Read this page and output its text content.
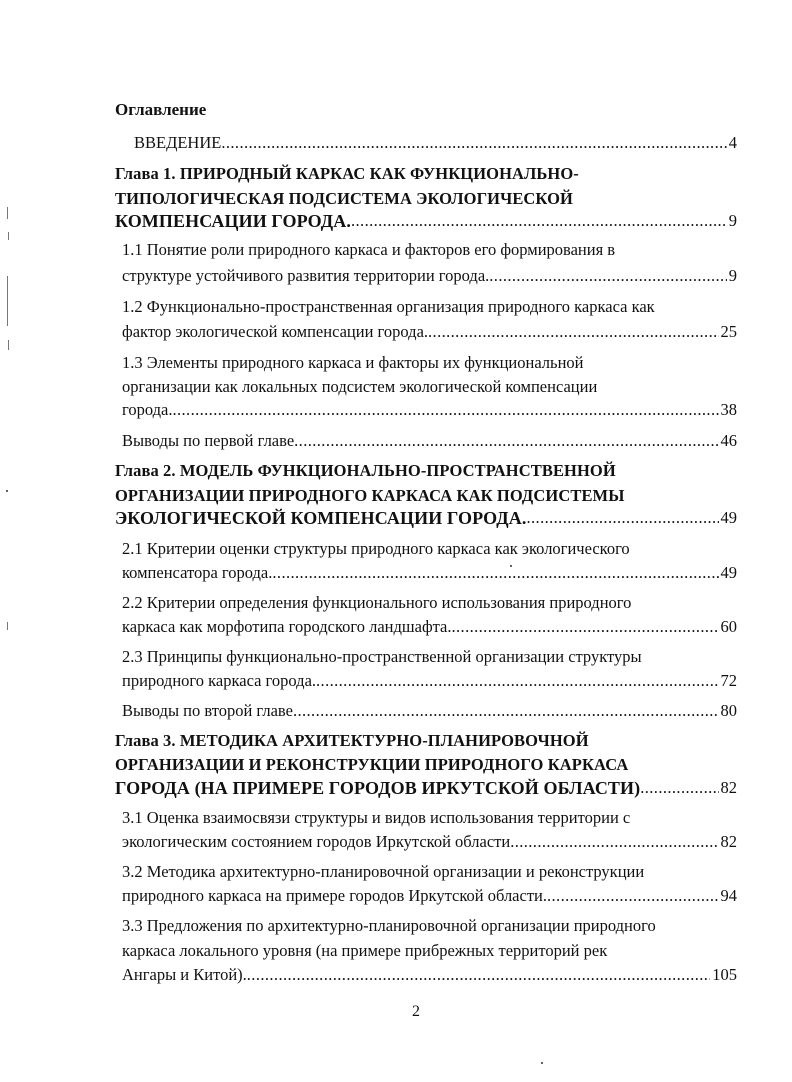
Оглавление
ВВЕДЕНИЕ .....	4
Глава 1. ПРИРОДНЫЙ КАРКАС КАК ФУНКЦИОНАЛЬНО-
ТИПОЛОГИЧЕСКАЯ ПОДСИСТЕМА ЭКОЛОГИЧЕСКОЙ
КОМПЕНСАЦИИ ГОРОДА. .....	9
1.1 Понятие роли природного каркаса и факторов его формирования в
структуре устойчивого развития территории города. .....	9
1.2 Функционально-пространственная организация природного каркаса как
фактор экологической компенсации города. .....	25
1.3 Элементы природного каркаса и факторы их функциональной
организации как локальных подсистем экологической компенсации
города. .....	38
Выводы по первой главе .....	46
Глава 2. МОДЕЛЬ ФУНКЦИОНАЛЬНО-ПРОСТРАНСТВЕННОЙ
ОРГАНИЗАЦИИ ПРИРОДНОГО КАРКАСА КАК ПОДСИСТЕМЫ
ЭКОЛОГИЧЕСКОЙ КОМПЕНСАЦИИ ГОРОДА. .....	49
2.1 Критерии оценки структуры природного каркаса как экологического
компенсатора города. .....	49
2.2 Критерии определения функционального использования природного
каркаса как морфотипа городского ландшафта. .....	60
2.3 Принципы функционально-пространственной организации структуры
природного каркаса города. .....	72
Выводы по второй главе .....	80
Глава 3. МЕТОДИКА АРХИТЕКТУРНО-ПЛАНИРОВОЧНОЙ
ОРГАНИЗАЦИИ И РЕКОНСТРУКЦИИ ПРИРОДНОГО КАРКАСА
ГОРОДА (НА ПРИМЕРЕ ГОРОДОВ ИРКУТСКОЙ ОБЛАСТИ) .....	82
3.1 Оценка взаимосвязи структуры и видов использования территории с
экологическим состоянием городов Иркутской области .....	82
3.2 Методика архитектурно-планировочной организации и реконструкции
природного каркаса на примере городов Иркутской области. .....	94
3.3 Предложения по архитектурно-планировочной организации природного
каркаса локального уровня (на примере прибрежных территорий рек
Ангары и Китой). .....	105
2
